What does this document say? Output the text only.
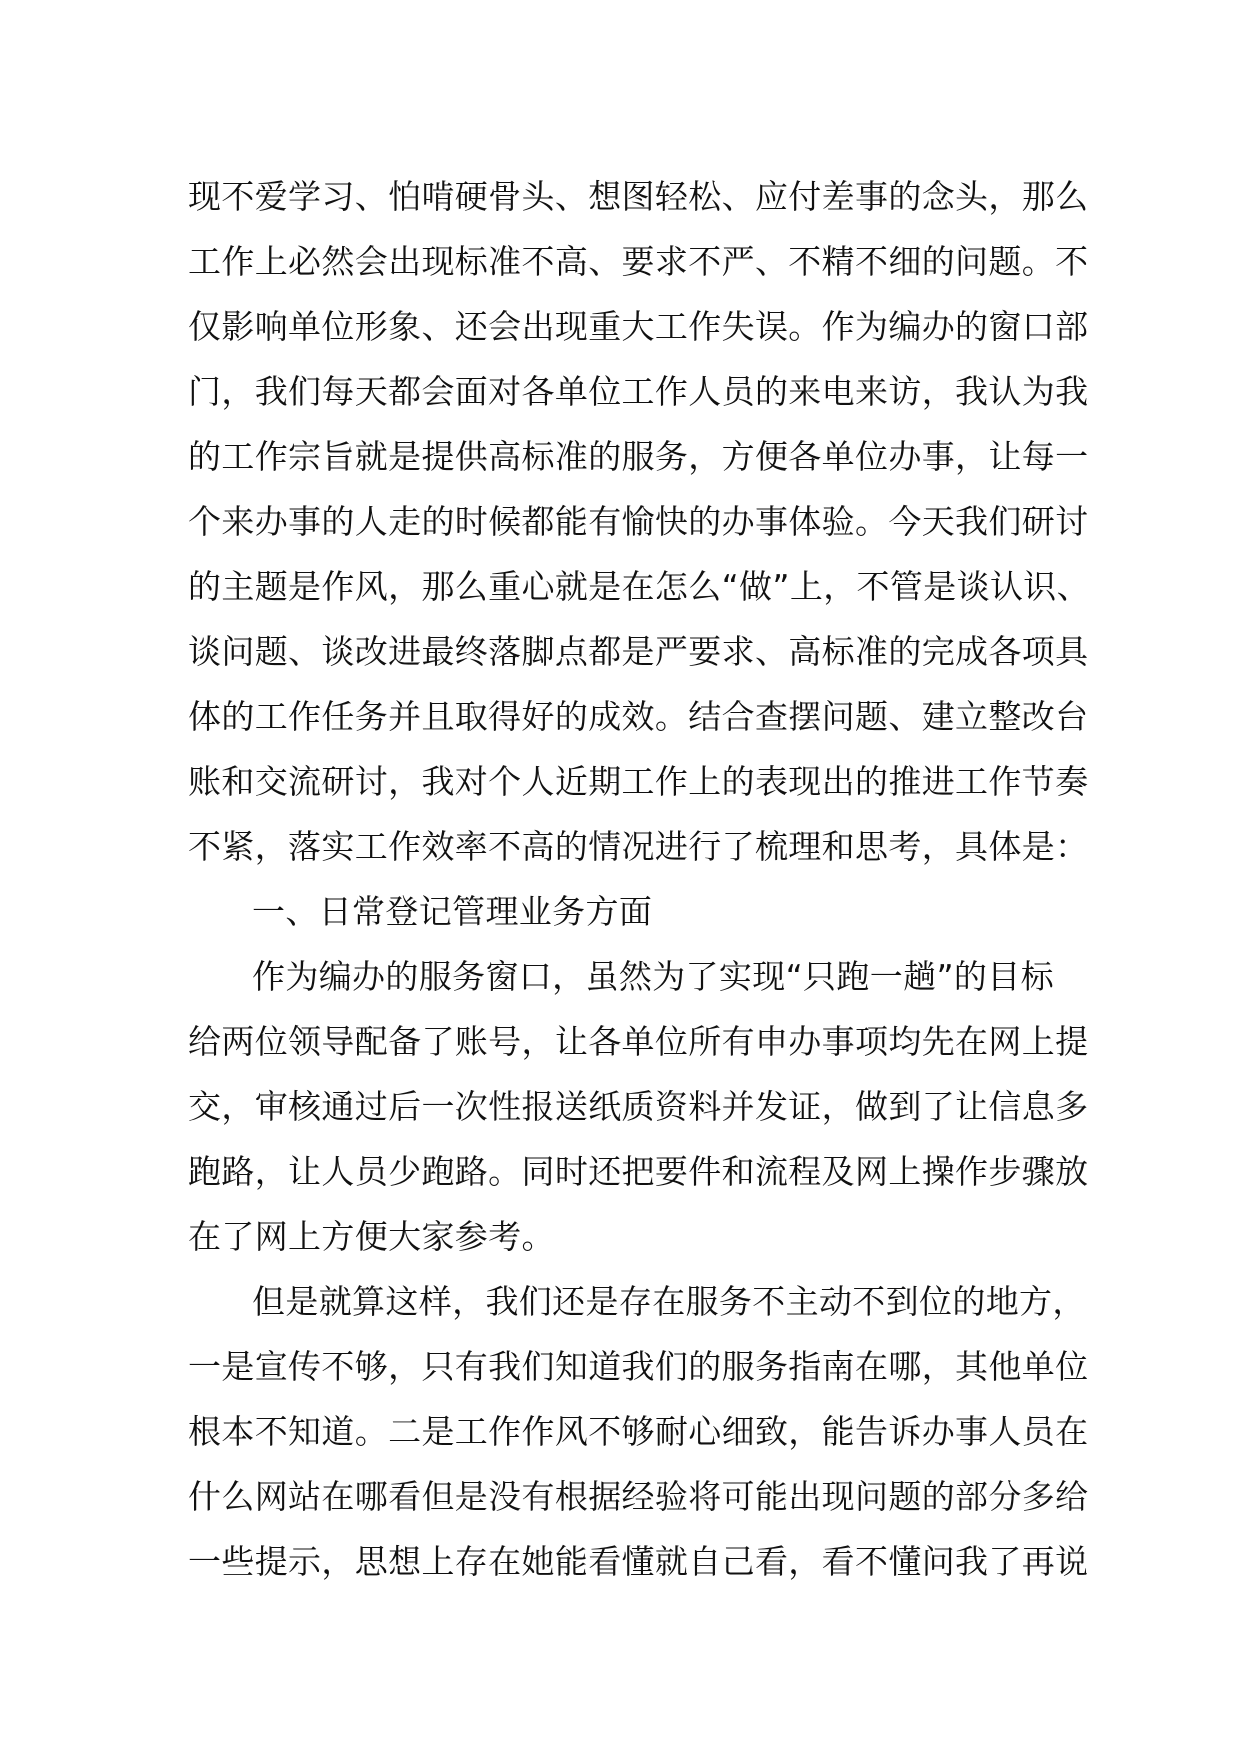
现不爱学习、怕啃硬骨头、想图轻松、应付差事的念头，那么
工作上必然会出现标准不高、要求不严、不精不细的问题。不
仅影响单位形象、还会出现重大工作失误。作为编办的窗口部
门，我们每天都会面对各单位工作人员的来电来访，我认为我
的工作宗旨就是提供高标准的服务，方便各单位办事，让每一
个来办事的人走的时候都能有愉快的办事体验。今天我们研讨
的主题是作风，那么重心就是在怎么“做”上，不管是谈认识、
谈问题、谈改进最终落脚点都是严要求、高标准的完成各项具
体的工作任务并且取得好的成效。结合查摆问题、建立整改台
账和交流研讨，我对个人近期工作上的表现出的推进工作节奏
不紧，落实工作效率不高的情况进行了梳理和思考，具体是：
一、日常登记管理业务方面
作为编办的服务窗口，虽然为了实现“只跑一趟”的目标
给两位领导配备了账号，让各单位所有申办事项均先在网上提
交，审核通过后一次性报送纸质资料并发证，做到了让信息多
跑路，让人员少跑路。同时还把要件和流程及网上操作步骤放
在了网上方便大家参考。
但是就算这样，我们还是存在服务不主动不到位的地方，
一是宣传不够，只有我们知道我们的服务指南在哪，其他单位
根本不知道。二是工作作风不够耐心细致，能告诉办事人员在
什么网站在哪看但是没有根据经验将可能出现问题的部分多给
一些提示，思想上存在她能看懂就自己看，看不懂问我了再说
